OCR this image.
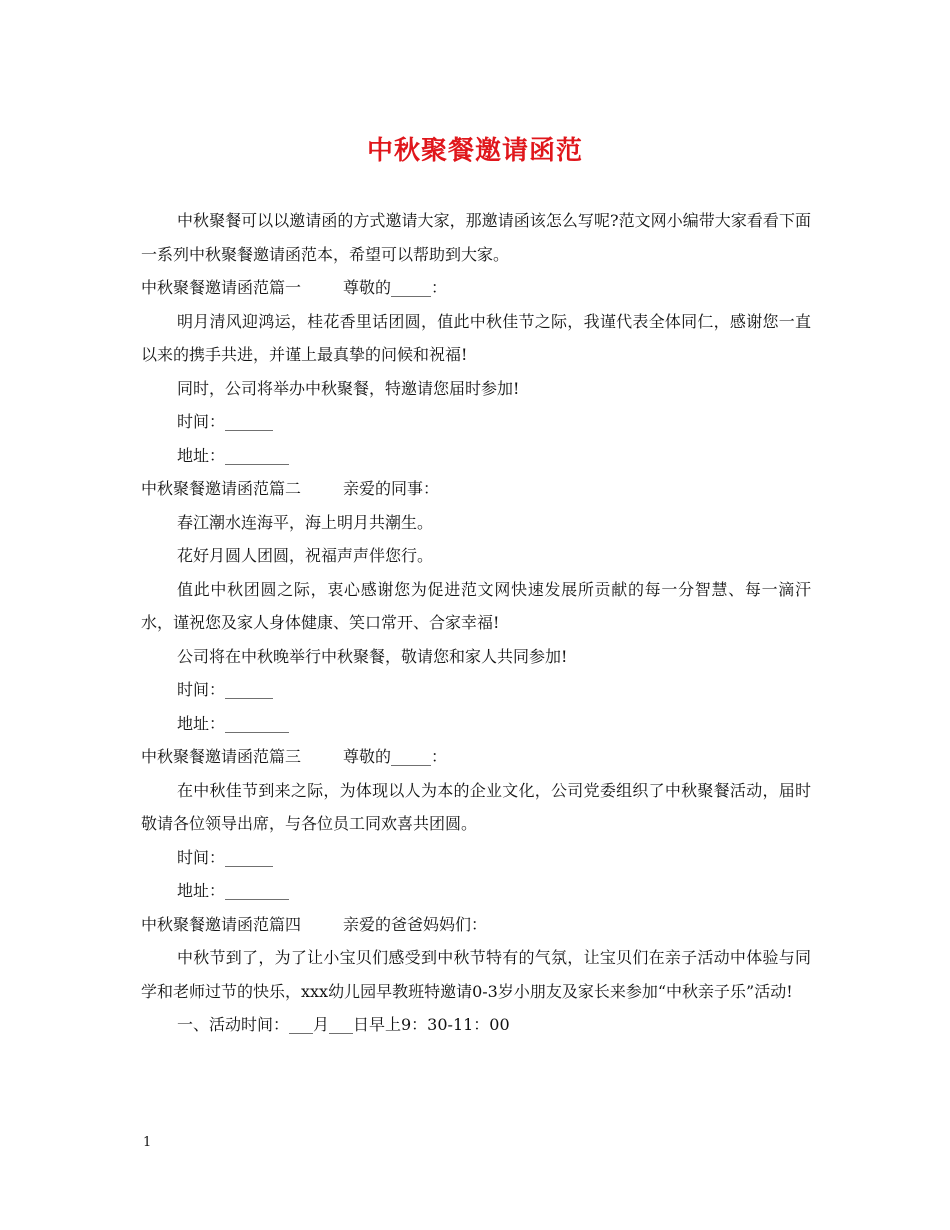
中秋聚餐邀请函范

中秋聚餐可以以邀请函的方式邀请大家，那邀请函该怎么写呢?范文网小编带大家看看下面一系列中秋聚餐邀请函范本，希望可以帮助到大家。

中秋聚餐邀请函范篇一	尊敬的_____：

明月清风迎鸿运，桂花香里话团圆，值此中秋佳节之际，我谨代表全体同仁，感谢您一直以来的携手共进，并谨上最真挚的问候和祝福!

同时，公司将举办中秋聚餐，特邀请您届时参加!

时间：______

地址：________

中秋聚餐邀请函范篇二	亲爱的同事：

春江潮水连海平，海上明月共潮生。

花好月圆人团圆，祝福声声伴您行。

值此中秋团圆之际，衷心感谢您为促进范文网快速发展所贡献的每一分智慧、每一滴汗水，谨祝您及家人身体健康、笑口常开、合家幸福!

公司将在中秋晚举行中秋聚餐，敬请您和家人共同参加!

时间：______

地址：________

中秋聚餐邀请函范篇三	尊敬的_____：

在中秋佳节到来之际，为体现以人为本的企业文化，公司党委组织了中秋聚餐活动，届时敬请各位领导出席，与各位员工同欢喜共团圆。

时间：______

地址：________

中秋聚餐邀请函范篇四	亲爱的爸爸妈妈们：

中秋节到了，为了让小宝贝们感受到中秋节特有的气氛，让宝贝们在亲子活动中体验与同学和老师过节的快乐，xxx幼儿园早教班特邀请0-3岁小朋友及家长来参加“中秋亲子乐”活动!

一、活动时间：___月___日早上9：30-11：00

1
